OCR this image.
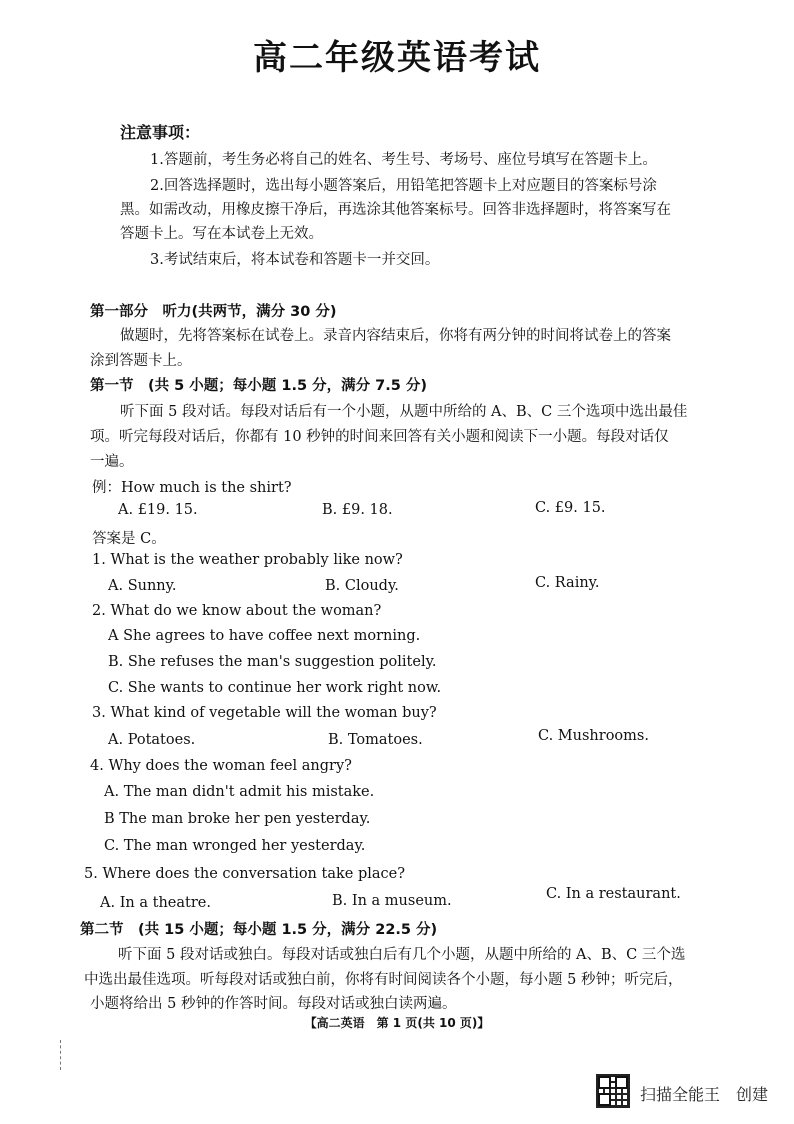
高二年级英语考试
注意事项：
1.答题前，考生务必将自己的姓名、考生号、考场号、座位号填写在答题卡上。
2.回答选择题时，选出每小题答案后，用铅笔把答题卡上对应题目的答案标号涂
黑。如需改动，用橡皮擦干净后，再选涂其他答案标号。回答非选择题时，将答案写在
答题卡上。写在本试卷上无效。
3.考试结束后，将本试卷和答题卡一并交回。
第一部分　听力(共两节，满分 30 分)
做题时，先将答案标在试卷上。录音内容结束后，你将有两分钟的时间将试卷上的答案
涂到答题卡上。
第一节　(共 5 小题；每小题 1.5 分，满分 7.5 分)
听下面 5 段对话。每段对话后有一个小题，从题中所给的 A、B、C 三个选项中选出最佳
项。听完每段对话后，你都有 10 秒钟的时间来回答有关小题和阅读下一小题。每段对话仅
一遍。
例：How much is the shirt?
A. £19. 15.	B. £9. 18.	C. £9. 15.
答案是 C。
1. What is the weather probably like now?
A. Sunny.	B. Cloudy.	C. Rainy.
2. What do we know about the woman?
A She agrees to have coffee next morning.
B. She refuses the man's suggestion politely.
C. She wants to continue her work right now.
3. What kind of vegetable will the woman buy?
A. Potatoes.	B. Tomatoes.	C. Mushrooms.
4. Why does the woman feel angry?
A. The man didn't admit his mistake.
B The man broke her pen yesterday.
C. The man wronged her yesterday.
5. Where does the conversation take place?
A. In a theatre.	B. In a museum.	C. In a restaurant.
第二节　(共 15 小题；每小题 1.5 分，满分 22.5 分)
听下面 5 段对话或独白。每段对话或独白后有几个小题，从题中所给的 A、B、C 三个选
中选出最佳选项。听每段对话或独白前，你将有时间阅读各个小题，每小题 5 秒钟；听完后，
小题将给出 5 秒钟的作答时间。每段对话或独白读两遍。
【高二英语　第 1 页(共 10 页)】
扫描全能王　创建
